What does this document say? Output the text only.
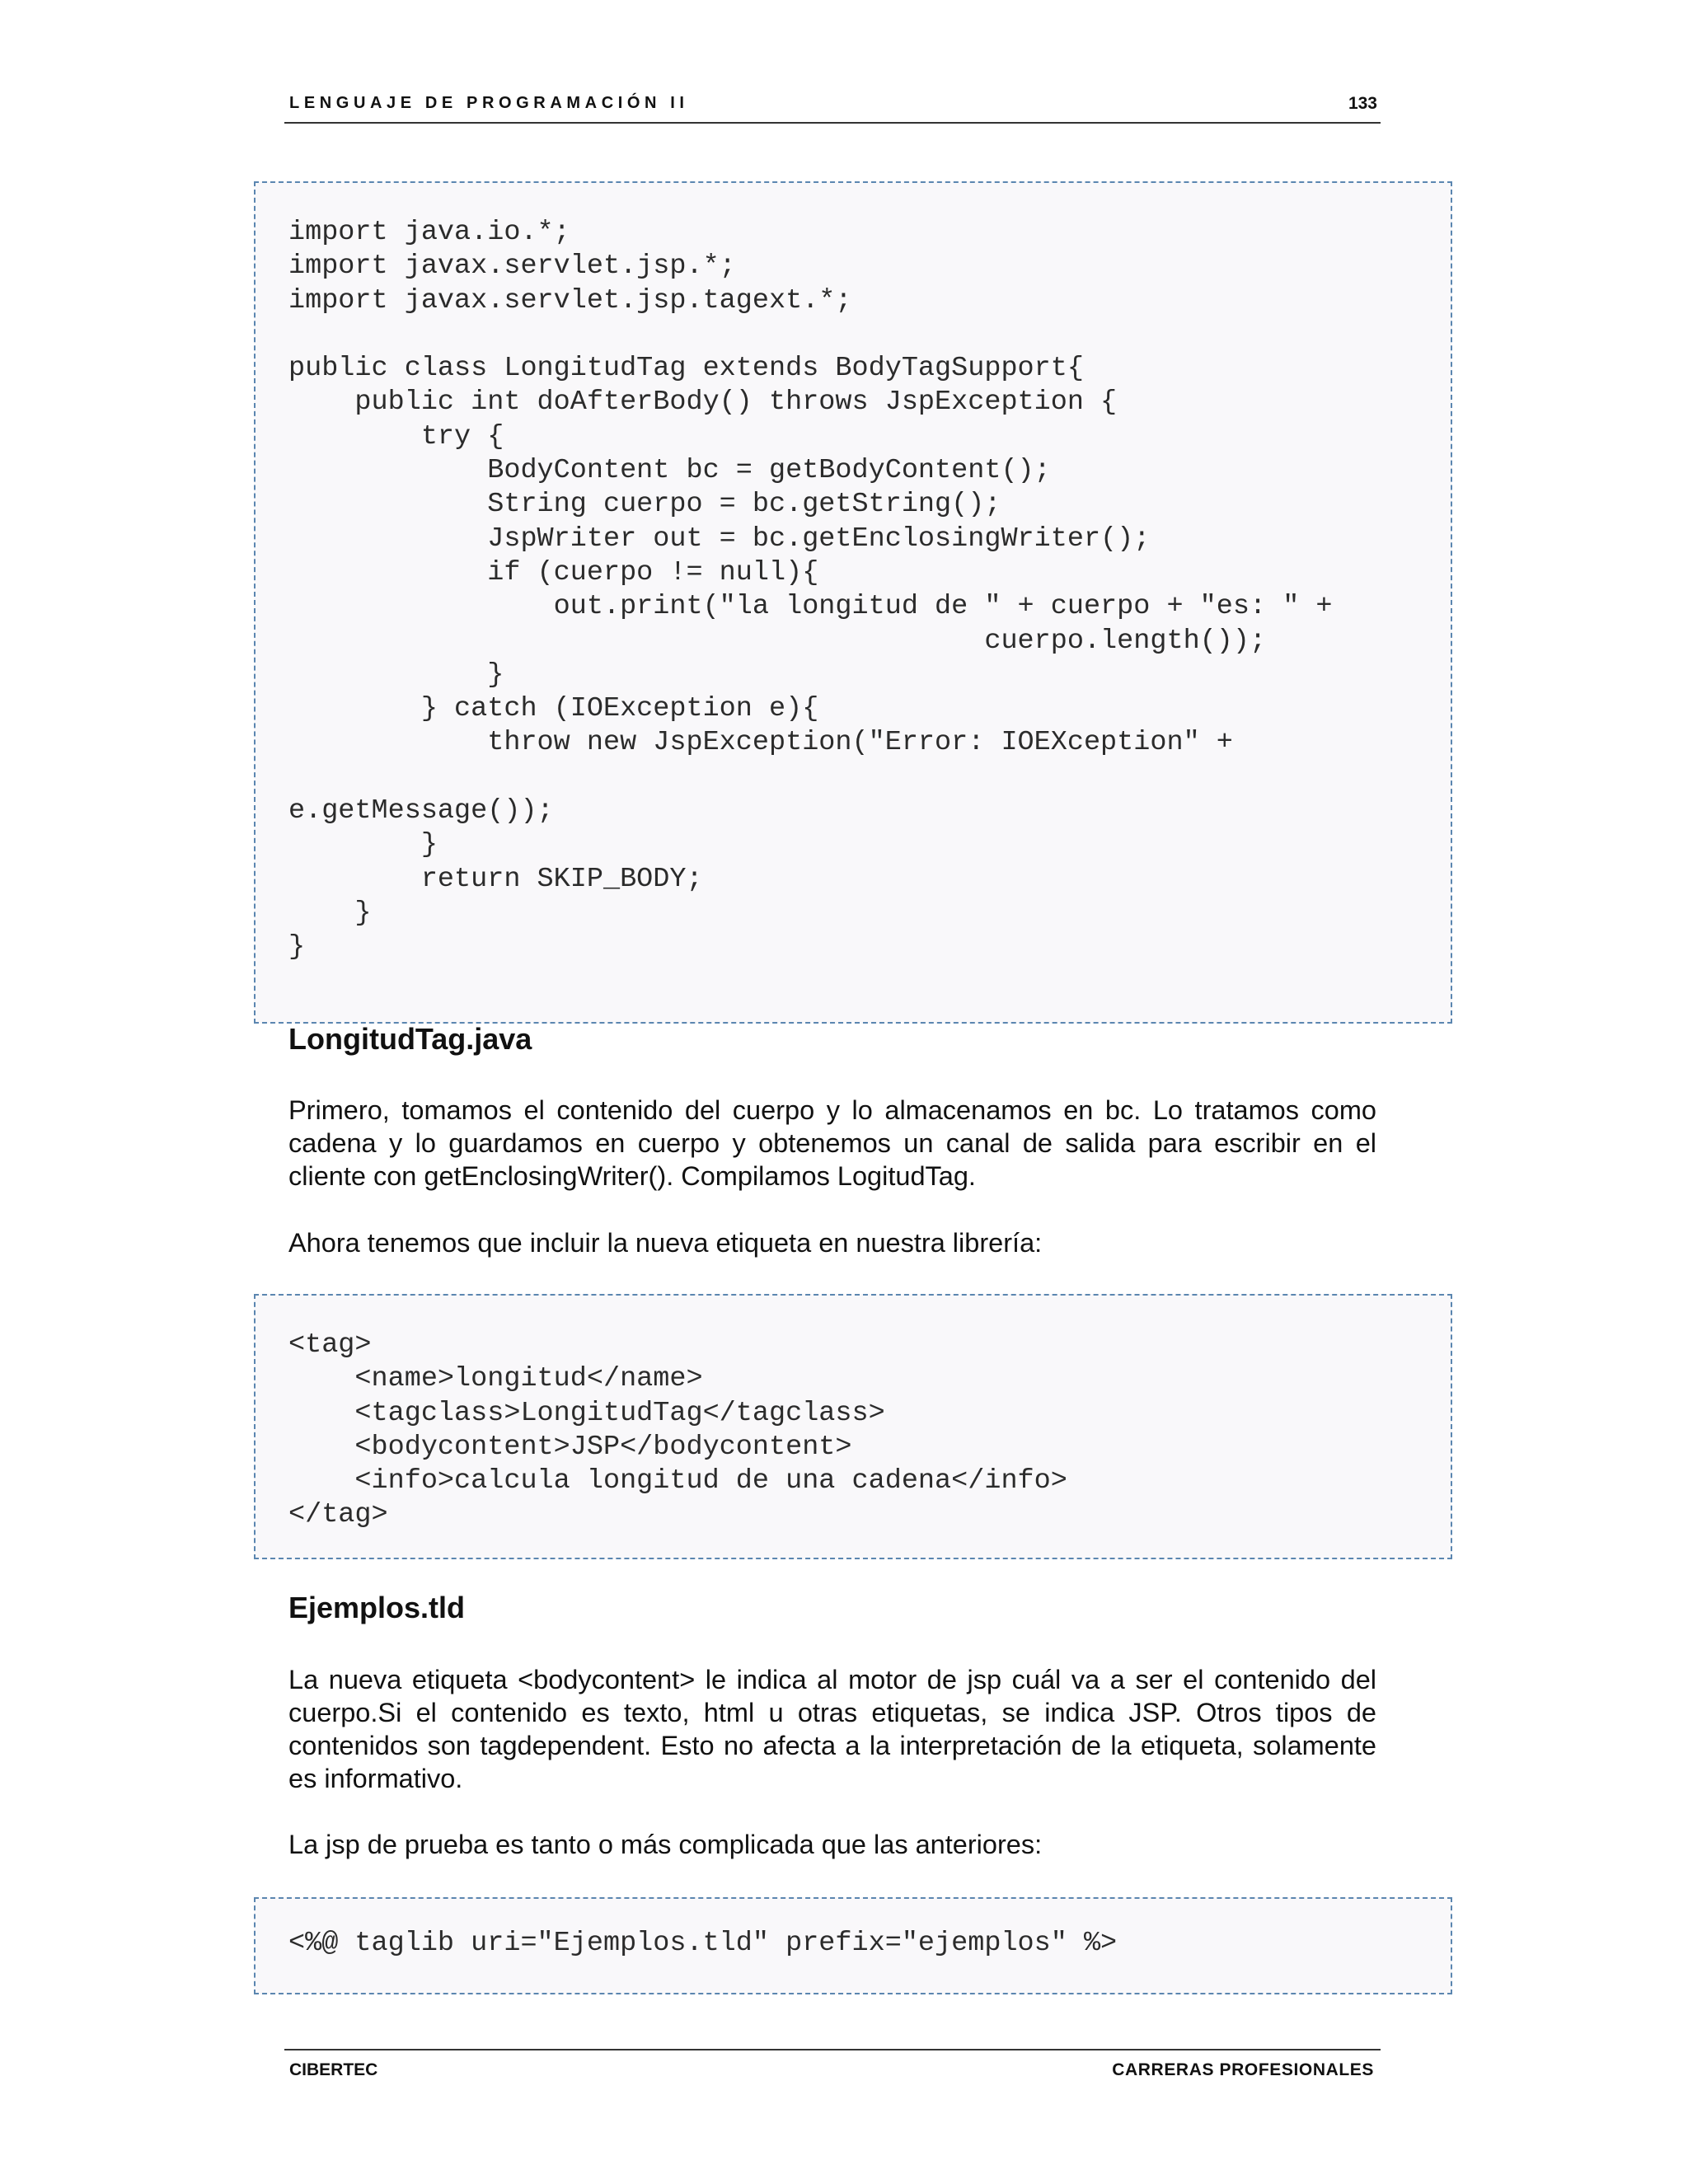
LENGUAJE DE PROGRAMACIÓN II	133
import java.io.*;
import javax.servlet.jsp.*;
import javax.servlet.jsp.tagext.*;

public class LongitudTag extends BodyTagSupport{
public int doAfterBody() throws JspException {
try {
BodyContent bc = getBodyContent();
String cuerpo = bc.getString();
JspWriter out = bc.getEnclosingWriter();
if (cuerpo != null){
out.print("la longitud de " + cuerpo + "es: " +
cuerpo.length());
}
} catch (IOException e){
throw new JspException("Error: IOEXception" +

e.getMessage());
}
return SKIP_BODY;
}
}
LongitudTag.java

Primero, tomamos el contenido del cuerpo y lo almacenamos en bc. Lo tratamos como cadena y lo guardamos en cuerpo y obtenemos un canal de salida para escribir en el cliente con getEnclosingWriter(). Compilamos LogitudTag.

Ahora tenemos que incluir la nueva etiqueta en nuestra librería:

<tag>
<name>longitud</name>
<tagclass>LongitudTag</tagclass>
<bodycontent>JSP</bodycontent>
<info>calcula longitud de una cadena</info>
</tag>
Ejemplos.tld

La nueva etiqueta <bodycontent> le indica al motor de jsp cuál va a ser el contenido del cuerpo.Si el contenido es texto, html u otras etiquetas, se indica JSP. Otros tipos de contenidos son tagdependent. Esto no afecta a la interpretación de la etiqueta, solamente es informativo.

La jsp de prueba es tanto o más complicada que las anteriores:

<%@ taglib uri="Ejemplos.tld" prefix="ejemplos" %>
CIBERTEC	CARRERAS PROFESIONALES
